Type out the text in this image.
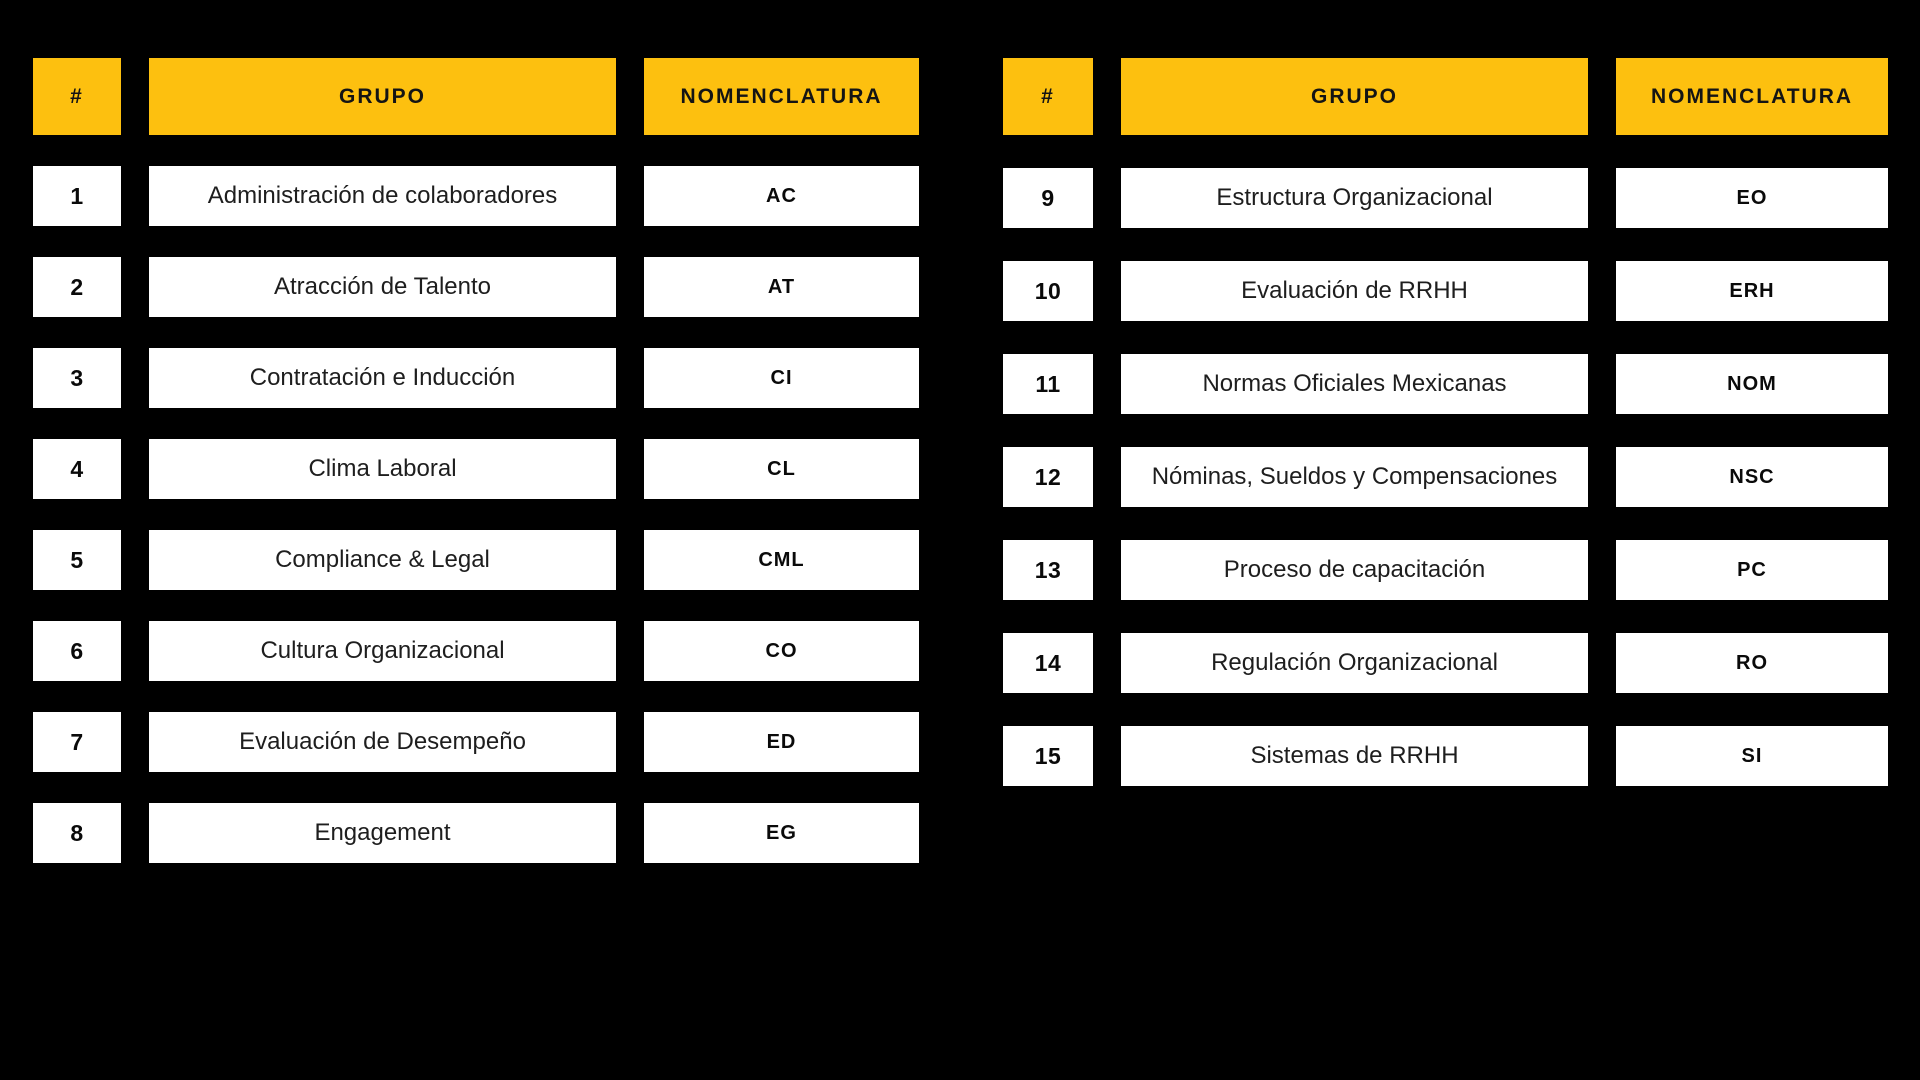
#	GRUPO	NOMENCLATURA
1	Administración de colaboradores	AC
2	Atracción de Talento	AT
3	Contratación e Inducción	CI
4	Clima Laboral	CL
5	Compliance & Legal	CML
6	Cultura Organizacional	CO
7	Evaluación de Desempeño	ED
8	Engagement	EG
#	GRUPO	NOMENCLATURA
9	Estructura Organizacional	EO
10	Evaluación de RRHH	ERH
11	Normas Oficiales Mexicanas	NOM
12	Nóminas, Sueldos y Compensaciones	NSC
13	Proceso de capacitación	PC
14	Regulación Organizacional	RO
15	Sistemas de RRHH	SI
